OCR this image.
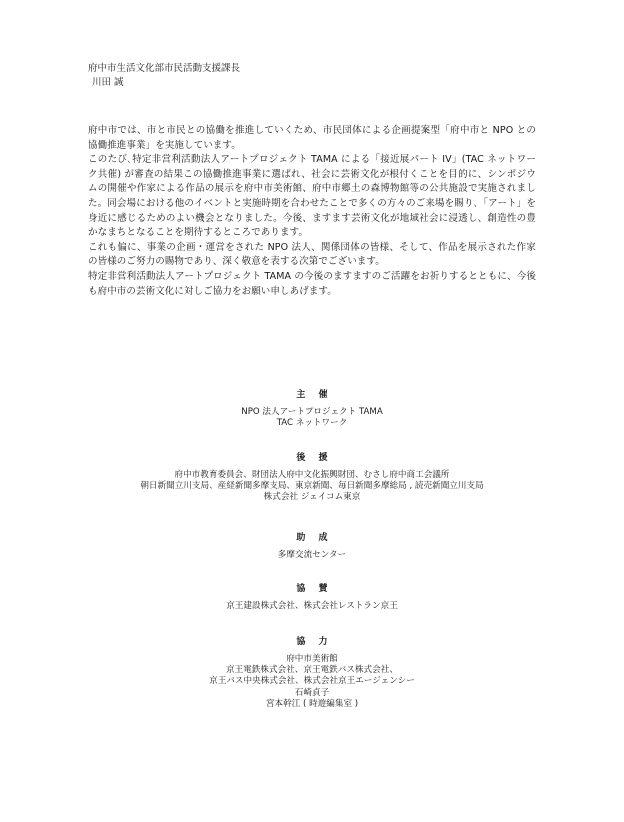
府中市生活文化部市民活動支援課長
川田 誠

府中市では、市と市民との協働を推進していくため、市民団体による企画提案型「府中市と NPO との協働推進事業」を実施しています。

このたび､特定非営利活動法人アートプロジェクト TAMA による「接近展パート IV」(TAC ネットワーク共催) が審査の結果この協働推進事業に選ばれ、社会に芸術文化が根付くことを目的に、シンポジウムの開催や作家による作品の展示を府中市美術館、府中市郷土の森博物館等の公共施設で実施されました。同会場における他のイベントと実施時期を合わせたことで多くの方々のご来場を賜り､「アート」を身近に感じるためのよい機会となりました。今後、ますます芸術文化が地域社会に浸透し、創造性の豊かなまちとなることを期待するところであります。

これも偏に、事業の企画・運営をされた NPO 法人、関係団体の皆様、そして、作品を展示された作家の皆様のご努力の賜物であり、深く敬意を表する次第でございます。

特定非営利活動法人アートプロジェクト TAMA の今後のますますのご活躍をお祈りするとともに、今後も府中市の芸術文化に対しご協力をお願い申しあげます。

主 催
NPO 法人アートプロジェクト TAMA
TAC ネットワーク
後 援
府中市教育委員会、財団法人府中文化振興財団、むさし府中商工会議所
朝日新聞立川支局、産経新聞多摩支局、東京新聞、毎日新聞多摩総局 , 読売新聞立川支局
株式会社 ジェイコム東京
助 成
多摩交流センター
協 賛
京王建設株式会社、株式会社レストラン京王
協 力
府中市美術館
京王電鉄株式会社、京王電鉄バス株式会社、
京王バス中央株式会社、株式会社京王エージェンシー
石崎貞子
宮本幹江 ( 時遊編集室 )
